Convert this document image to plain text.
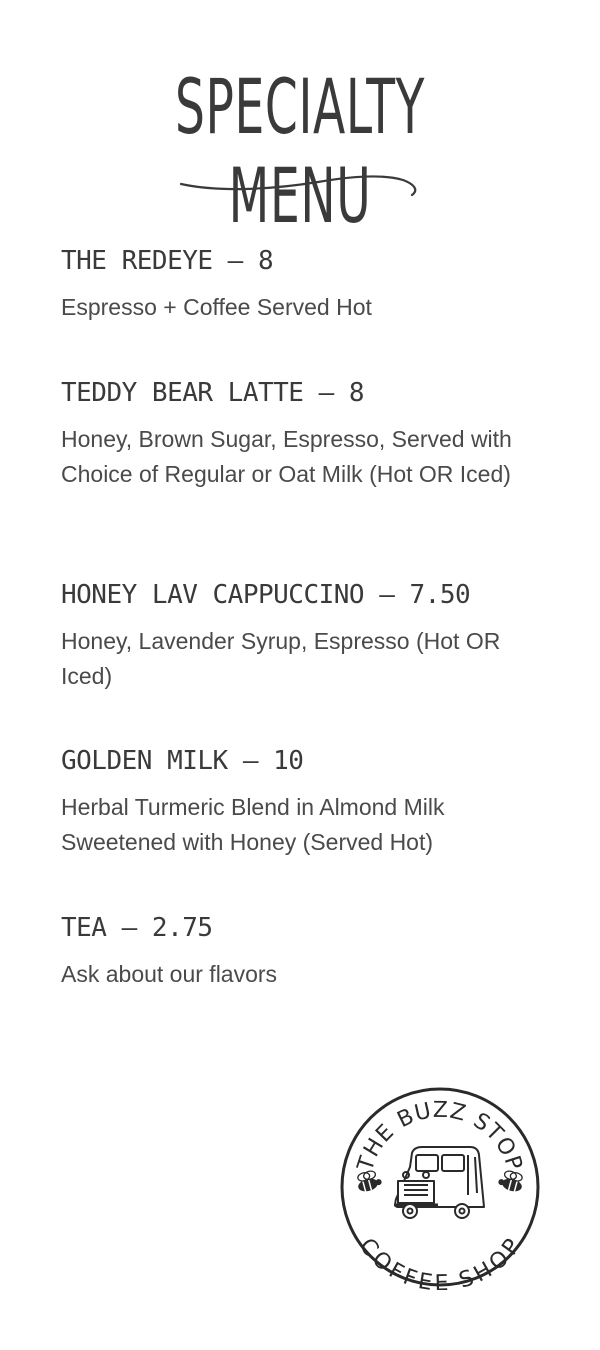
SPECIALTY MENU
THE REDEYE – 8
Espresso + Coffee Served Hot
TEDDY BEAR LATTE – 8
Honey, Brown Sugar, Espresso, Served with Choice of Regular or Oat Milk (Hot OR Iced)
HONEY LAV CAPPUCCINO – 7.50
Honey, Lavender Syrup, Espresso (Hot OR Iced)
GOLDEN MILK – 10
Herbal Turmeric Blend in Almond Milk Sweetened with Honey (Served Hot)
TEA – 2.75
Ask about our flavors
THE BUZZ STOP
COFFEE SHOP
